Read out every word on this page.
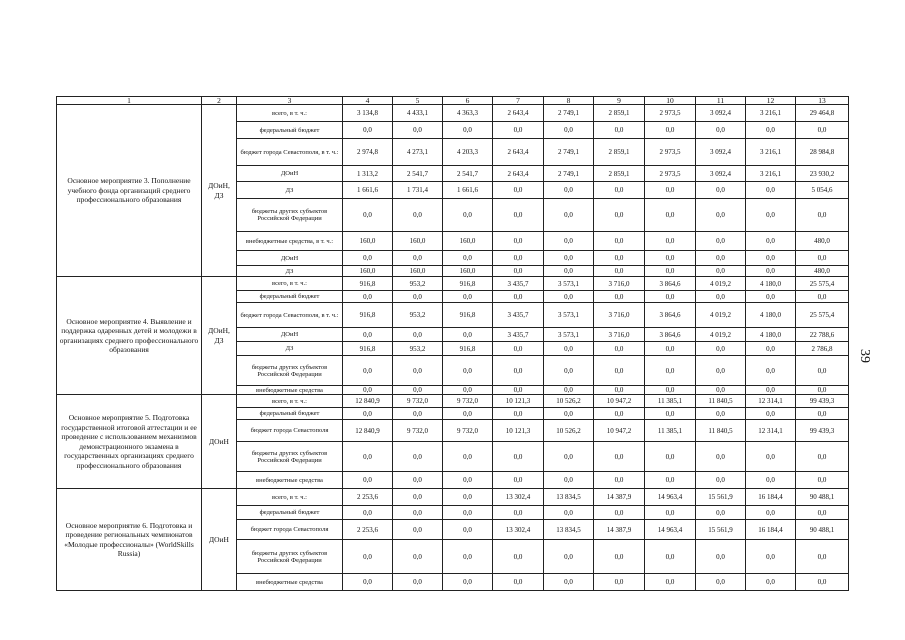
1	2	3	4	5	6	7	8	9	10	11	12	13
Основное мероприятие 3. Пополнение учебного фонда организаций среднего профессионального образования	ДОиН, ДЗ	всего, в т. ч.:	3 134,8	4 433,1	4 363,3	2 643,4	2 749,1	2 859,1	2 973,5	3 092,4	3 216,1	29 464,8
		федеральный бюджет	0,0	0,0	0,0	0,0	0,0	0,0	0,0	0,0	0,0	0,0
		бюджет города Севастополя, в т. ч.:	2 974,8	4 273,1	4 203,3	2 643,4	2 749,1	2 859,1	2 973,5	3 092,4	3 216,1	28 984,8
		ДОиН	1 313,2	2 541,7	2 541,7	2 643,4	2 749,1	2 859,1	2 973,5	3 092,4	3 216,1	23 930,2
		ДЗ	1 661,6	1 731,4	1 661,6	0,0	0,0	0,0	0,0	0,0	0,0	5 054,6
		бюджеты других субъектов Российской Федерации	0,0	0,0	0,0	0,0	0,0	0,0	0,0	0,0	0,0	0,0
		внебюджетные средства, в т. ч.:	160,0	160,0	160,0	0,0	0,0	0,0	0,0	0,0	0,0	480,0
		ДОиН	0,0	0,0	0,0	0,0	0,0	0,0	0,0	0,0	0,0	0,0
		ДЗ	160,0	160,0	160,0	0,0	0,0	0,0	0,0	0,0	0,0	480,0
Основное мероприятие 4. Выявление и поддержка одаренных детей и молодежи в организациях среднего профессионального образования	ДОиН, ДЗ	всего, в т. ч.:	916,8	953,2	916,8	3 435,7	3 573,1	3 716,0	3 864,6	4 019,2	4 180,0	25 575,4
		федеральный бюджет	0,0	0,0	0,0	0,0	0,0	0,0	0,0	0,0	0,0	0,0
		бюджет города Севастополя, в т. ч.:	916,8	953,2	916,8	3 435,7	3 573,1	3 716,0	3 864,6	4 019,2	4 180,0	25 575,4
		ДОиН	0,0	0,0	0,0	3 435,7	3 573,1	3 716,0	3 864,6	4 019,2	4 180,0	22 788,6
		ДЗ	916,8	953,2	916,8	0,0	0,0	0,0	0,0	0,0	0,0	2 786,8
		бюджеты других субъектов Российской Федерации	0,0	0,0	0,0	0,0	0,0	0,0	0,0	0,0	0,0	0,0
		внебюджетные средства	0,0	0,0	0,0	0,0	0,0	0,0	0,0	0,0	0,0	0,0
Основное мероприятие 5. Подготовка государственной итоговой аттестации и ее проведение с использованием механизмов демонстрационного экзамена в государственных организациях среднего профессионального образования	ДОиН	всего, в т. ч.:	12 840,9	9 732,0	9 732,0	10 121,3	10 526,2	10 947,2	11 385,1	11 840,5	12 314,1	99 439,3
		федеральный бюджет	0,0	0,0	0,0	0,0	0,0	0,0	0,0	0,0	0,0	0,0
		бюджет города Севастополя	12 840,9	9 732,0	9 732,0	10 121,3	10 526,2	10 947,2	11 385,1	11 840,5	12 314,1	99 439,3
		бюджеты других субъектов Российской Федерации	0,0	0,0	0,0	0,0	0,0	0,0	0,0	0,0	0,0	0,0
		внебюджетные средства	0,0	0,0	0,0	0,0	0,0	0,0	0,0	0,0	0,0	0,0
Основное мероприятие 6. Подготовка и проведение региональных чемпионатов «Молодые профессионалы» (WorldSkills Russia)	ДОиН	всего, в т. ч.:	2 253,6	0,0	0,0	13 302,4	13 834,5	14 387,9	14 963,4	15 561,9	16 184,4	90 488,1
		федеральный бюджет	0,0	0,0	0,0	0,0	0,0	0,0	0,0	0,0	0,0	0,0
		бюджет города Севастополя	2 253,6	0,0	0,0	13 302,4	13 834,5	14 387,9	14 963,4	15 561,9	16 184,4	90 488,1
		бюджеты других субъектов Российской Федерации	0,0	0,0	0,0	0,0	0,0	0,0	0,0	0,0	0,0	0,0
		внебюджетные средства	0,0	0,0	0,0	0,0	0,0	0,0	0,0	0,0	0,0	0,0
39
